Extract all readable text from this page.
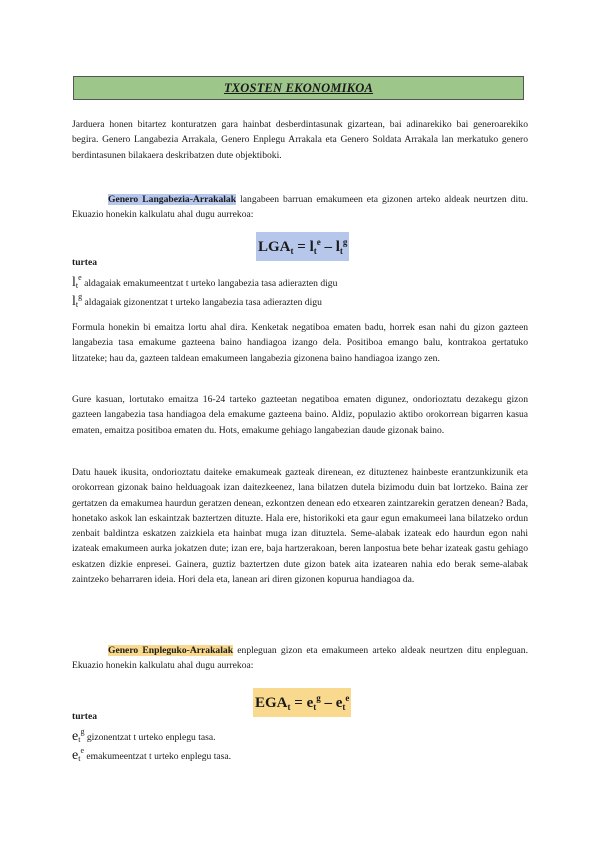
TXOSTEN EKONOMIKOA

Jarduera honen bitartez konturatzen gara hainbat desberdintasunak gizartean, bai adinarekiko bai generoarekiko begira. Genero Langabezia Arrakala, Genero Enplegu Arrakala eta Genero Soldata Arrakala lan merkatuko genero berdintasunen bilakaera deskribatzen dute objektiboki.

Genero Langabezia-Arrakalak langabeen barruan emakumeen eta gizonen arteko aldeak neurtzen ditu. Ekuazio honekin kalkulatu ahal dugu aurrekoa:

$LGA_t = l_t^e - l_t^g$
turtea
$l_t^e$ aldagaiak emakumeentzat t urteko langabezia tasa adierazten digu
$l_t^g$ aldagaiak gizonentzat t urteko langabezia tasa adierazten digu

Formula honekin bi emaitza lortu ahal dira. Kenketak negatiboa ematen badu, horrek esan nahi du gizon gazteen langabezia tasa emakume gazteena baino handiagoa izango dela. Positiboa emango balu, kontrakoa gertatuko litzateke; hau da, gazteen taldean emakumeen langabezia gizonena baino handiagoa izango zen.

Gure kasuan, lortutako emaitza 16-24 tarteko gazteetan negatiboa ematen digunez, ondorioztatu dezakegu gizon gazteen langabezia tasa handiagoa dela emakume gazteena baino. Aldiz, populazio aktibo orokorrean bigarren kasua ematen, emaitza positiboa ematen du. Hots, emakume gehiago langabezian daude gizonak baino.

Datu hauek ikusita, ondorioztatu daiteke emakumeak gazteak direnean, ez dituztenez hainbeste erantzunkizunik eta orokorrean gizonak baino helduagoak izan daitezkeenez, lana bilatzen dutela bizimodu duin bat lortzeko. Baina zer gertatzen da emakumea haurdun geratzen denean, ezkontzen denean edo etxearen zaintzarekin geratzen denean? Bada, honetako askok lan eskaintzak baztertzen dituzte. Hala ere, historikoki eta gaur egun emakumeei lana bilatzeko ordun zenbait baldintza eskatzen zaizkiela eta hainbat muga izan dituztela. Seme-alabak izateak edo haurdun egon nahi izateak emakumeen aurka jokatzen dute; izan ere, baja hartzerakoan, beren lanpostua bete behar izateak gastu gehiago eskatzen dizkie enpresei. Gainera, guztiz baztertzen dute gizon batek aita izatearen nahia edo berak seme-alabak zaintzeko beharraren ideia. Hori dela eta, lanean ari diren gizonen kopurua handiagoa da.

Genero Enpleguko-Arrakalak enpleguan gizon eta emakumeen arteko aldeak neurtzen ditu enpleguan. Ekuazio honekin kalkulatu ahal dugu aurrekoa:

$EGA_t = e_t^g - e_t^e$
turtea
$e_t^g$ gizonentzat t urteko enplegu tasa.
$e_t^e$ emakumeentzat t urteko enplegu tasa.
